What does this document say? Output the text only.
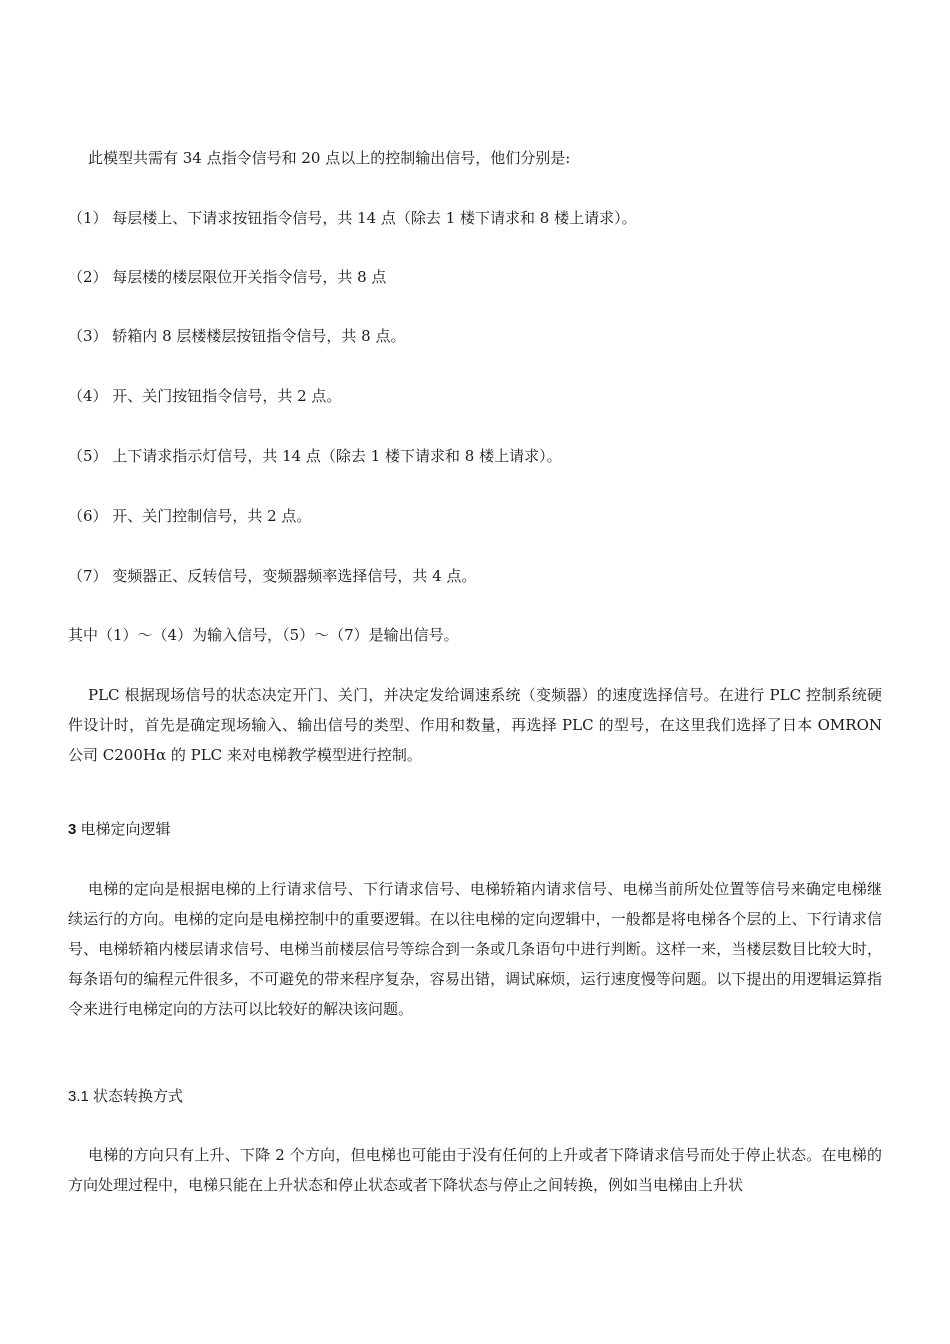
此模型共需有 34 点指令信号和 20 点以上的控制输出信号，他们分别是:
（1） 每层楼上、下请求按钮指令信号，共 14 点（除去 1 楼下请求和 8 楼上请求）。
（2） 每层楼的楼层限位开关指令信号，共 8 点
（3） 轿箱内 8 层楼楼层按钮指令信号，共 8 点。
（4） 开、关门按钮指令信号，共 2 点。
（5） 上下请求指示灯信号，共 14 点（除去 1 楼下请求和 8 楼上请求）。
（6） 开、关门控制信号，共 2 点。
（7） 变频器正、反转信号，变频器频率选择信号，共 4 点。
其中（1）～（4）为输入信号，（5）～（7）是输出信号。
PLC 根据现场信号的状态决定开门、关门，并决定发给调速系统（变频器）的速度选择信号。在进行 PLC 控制系统硬件设计时，首先是确定现场输入、输出信号的类型、作用和数量，再选择 PLC 的型号，在这里我们选择了日本 OMRON 公司 C200Hα 的 PLC 来对电梯教学模型进行控制。
3 电梯定向逻辑
电梯的定向是根据电梯的上行请求信号、下行请求信号、电梯轿箱内请求信号、电梯当前所处位置等信号来确定电梯继续运行的方向。电梯的定向是电梯控制中的重要逻辑。在以往电梯的定向逻辑中，一般都是将电梯各个层的上、下行请求信号、电梯轿箱内楼层请求信号、电梯当前楼层信号等综合到一条或几条语句中进行判断。这样一来，当楼层数目比较大时，每条语句的编程元件很多，不可避免的带来程序复杂，容易出错，调试麻烦，运行速度慢等问题。以下提出的用逻辑运算指令来进行电梯定向的方法可以比较好的解决该问题。
3.1 状态转换方式
电梯的方向只有上升、下降 2 个方向，但电梯也可能由于没有任何的上升或者下降请求信号而处于停止状态。在电梯的方向处理过程中，电梯只能在上升状态和停止状态或者下降状态与停止之间转换，例如当电梯由上升状
